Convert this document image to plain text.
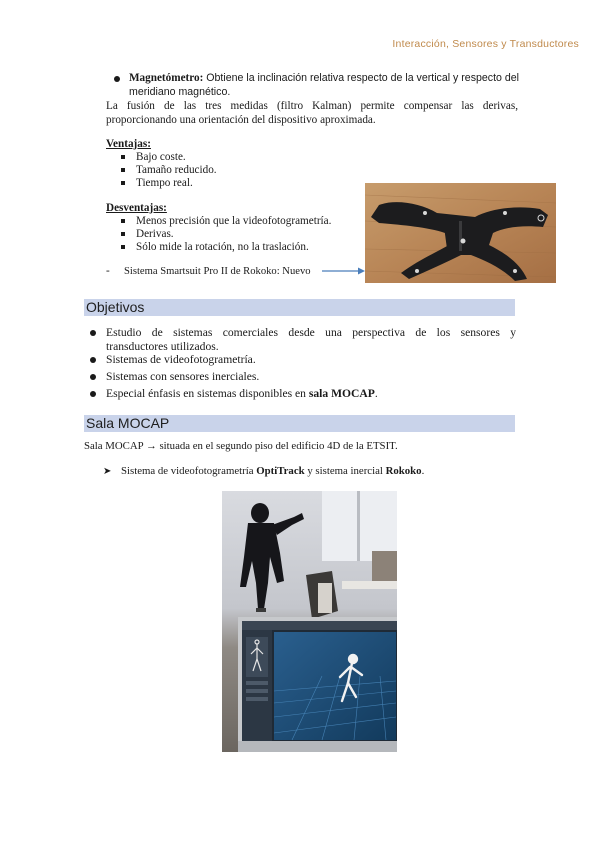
Interacción, Sensores y Transductores
Magnetómetro: Obtiene la inclinación relativa respecto de la vertical y respecto del
meridiano magnético.
La fusión de las tres medidas (filtro Kalman) permite compensar las derivas,
proporcionando una orientación del dispositivo aproximada.
Ventajas:
Bajo coste.
Tamaño reducido.
Tiempo real.
Desventajas:
Menos precisión que la videofotogrametría.
Derivas.
Sólo mide la rotación, no la traslación.
- Sistema Smartsuit Pro II de Rokoko: Nuevo
Objetivos
Estudio de sistemas comerciales desde una perspectiva de los sensores y
transductores utilizados.
Sistemas de videofotogrametría.
Sistemas con sensores inerciales.
Especial énfasis en sistemas disponibles en sala MOCAP.
Sala MOCAP
Sala MOCAP → situada en el segundo piso del edificio 4D de la ETSIT.
➤ Sistema de videofotogrametría OptiTrack y sistema inercial Rokoko.
